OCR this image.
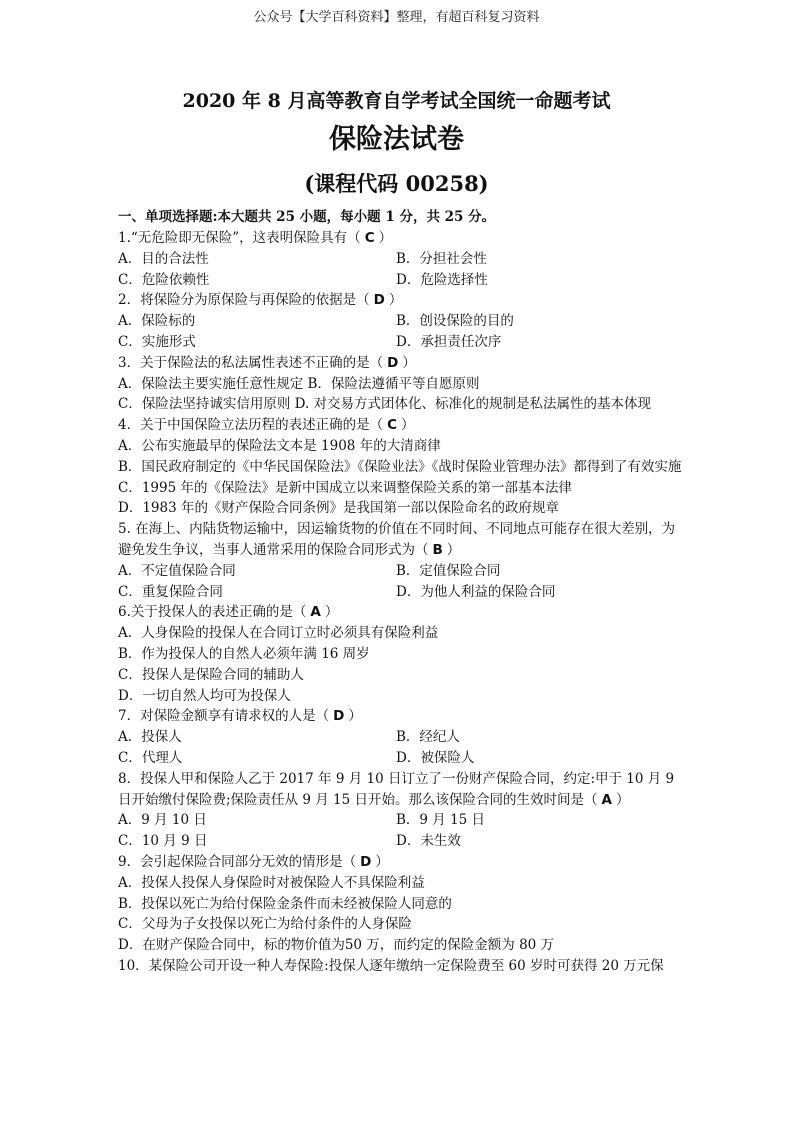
公众号【大学百科资料】整理，有超百科复习资料
2020 年 8 月高等教育自学考试全国统一命题考试
保险法试卷
(课程代码 00258)
一、单项选择题:本大题共 25 小题，每小题 1 分，共 25 分。
1.“无危险即无保险”，这表明保险具有（ C ）
A．目的合法性	B．分担社会性
C．危险依赖性	D．危险选择性
2．将保险分为原保险与再保险的依据是（ D ）
A．保险标的	B．创设保险的目的
C．实施形式	D．承担责任次序
3．关于保险法的私法属性表述不正确的是（ D ）
A．保险法主要实施任意性规定 B．保险法遵循平等自愿原则
C．保险法坚持诚实信用原则 D. 对交易方式团体化、标准化的规制是私法属性的基本体现
4．关于中国保险立法历程的表述正确的是（ C ）
A．公布实施最早的保险法文本是 1908 年的大清商律
B．国民政府制定的《中华民国保险法》《保险业法》《战时保险业管理办法》都得到了有效实施
C．1995 年的《保险法》是新中国成立以来调整保险关系的第一部基本法律
D．1983 年的《财产保险合同条例》是我国第一部以保险命名的政府规章
5. 在海上、内陆货物运输中，因运输货物的价值在不同时间、不同地点可能存在很大差别，为避免发生争议，当事人通常采用的保险合同形式为（ B ）
A．不定值保险合同	B．定值保险合同
C．重复保险合同	D．为他人利益的保险合同
6.关于投保人的表述正确的是（ A ）
A．人身保险的投保人在合同订立时必须具有保险利益
B．作为投保人的自然人必须年满 16 周岁
C．投保人是保险合同的辅助人
D．一切自然人均可为投保人
7．对保险金额享有请求权的人是（ D ）
A．投保人	B．经纪人
C．代理人	D．被保险人
8．投保人甲和保险人乙于 2017 年 9 月 10 日订立了一份财产保险合同，约定:甲于 10 月 9 日开始缴付保险费;保险责任从 9 月 15 日开始。那么该保险合同的生效时间是（ A ）
A．9 月 10 日	B．9 月 15 日
C．10 月 9 日	D．未生效
9．会引起保险合同部分无效的情形是（ D ）
A．投保人投保人身保险时对被保险人不具保险利益
B．投保以死亡为给付保险金条件而未经被保险人同意的
C．父母为子女投保以死亡为给付条件的人身保险
D．在财产保险合同中，标的物价值为50 万，而约定的保险金额为 80 万
10．某保险公司开设一种人寿保险:投保人逐年缴纳一定保险费至 60 岁时可获得 20 万元保
